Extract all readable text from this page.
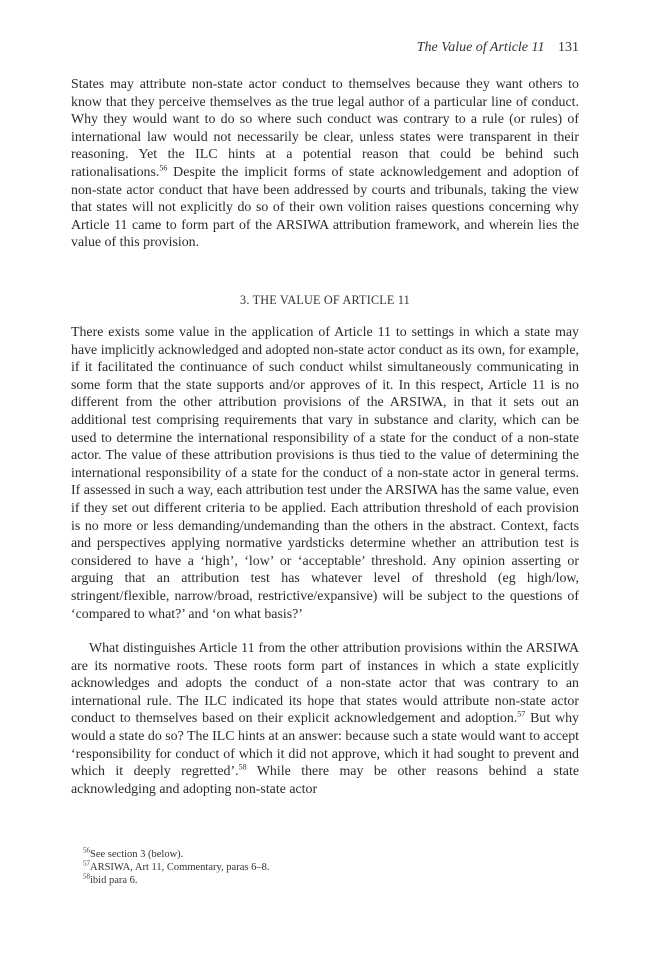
The Value of Article 11 131

States may attribute non-state actor conduct to themselves because they want others to know that they perceive themselves as the true legal author of a particular line of conduct. Why they would want to do so where such conduct was contrary to a rule (or rules) of international law would not necessarily be clear, unless states were transparent in their reasoning. Yet the ILC hints at a potential reason that could be behind such rationalisations.$^{56}$ Despite the implicit forms of state acknowledgement and adoption of non-state actor conduct that have been addressed by courts and tribunals, taking the view that states will not explicitly do so of their own volition raises questions concerning why Article 11 came to form part of the ARSIWA attribution framework, and wherein lies the value of this provision.

3. THE VALUE OF ARTICLE 11

There exists some value in the application of Article 11 to settings in which a state may have implicitly acknowledged and adopted non-state actor conduct as its own, for example, if it facilitated the continuance of such conduct whilst simultaneously communicating in some form that the state supports and/or approves of it. In this respect, Article 11 is no different from the other attribution provisions of the ARSIWA, in that it sets out an additional test comprising requirements that vary in substance and clarity, which can be used to determine the international responsibility of a state for the conduct of a non-state actor. The value of these attribution provisions is thus tied to the value of determining the international responsibility of a state for the conduct of a non-state actor in general terms. If assessed in such a way, each attribution test under the ARSIWA has the same value, even if they set out different criteria to be applied. Each attribution threshold of each provision is no more or less demanding/undemanding than the others in the abstract. Context, facts and perspectives applying normative yardsticks determine whether an attribution test is considered to have a ‘high’, ‘low’ or ‘acceptable’ threshold. Any opinion asserting or arguing that an attribution test has whatever level of threshold (eg high/low, stringent/flexible, narrow/broad, restrictive/expansive) will be subject to the questions of ‘compared to what?’ and ‘on what basis?’

What distinguishes Article 11 from the other attribution provisions within the ARSIWA are its normative roots. These roots form part of instances in which a state explicitly acknowledges and adopts the conduct of a non-state actor that was contrary to an international rule. The ILC indicated its hope that states would attribute non-state actor conduct to themselves based on their explicit acknowledgement and adoption.$^{57}$ But why would a state do so? The ILC hints at an answer: because such a state would want to accept ‘responsibility for conduct of which it did not approve, which it had sought to prevent and which it deeply regretted’.$^{58}$ While there may be other reasons behind a state acknowledging and adopting non-state actor

$^{56}$See section 3 (below).
$^{57}$ARSIWA, Art 11, Commentary, paras 6–8.
$^{58}$ibid para 6.
